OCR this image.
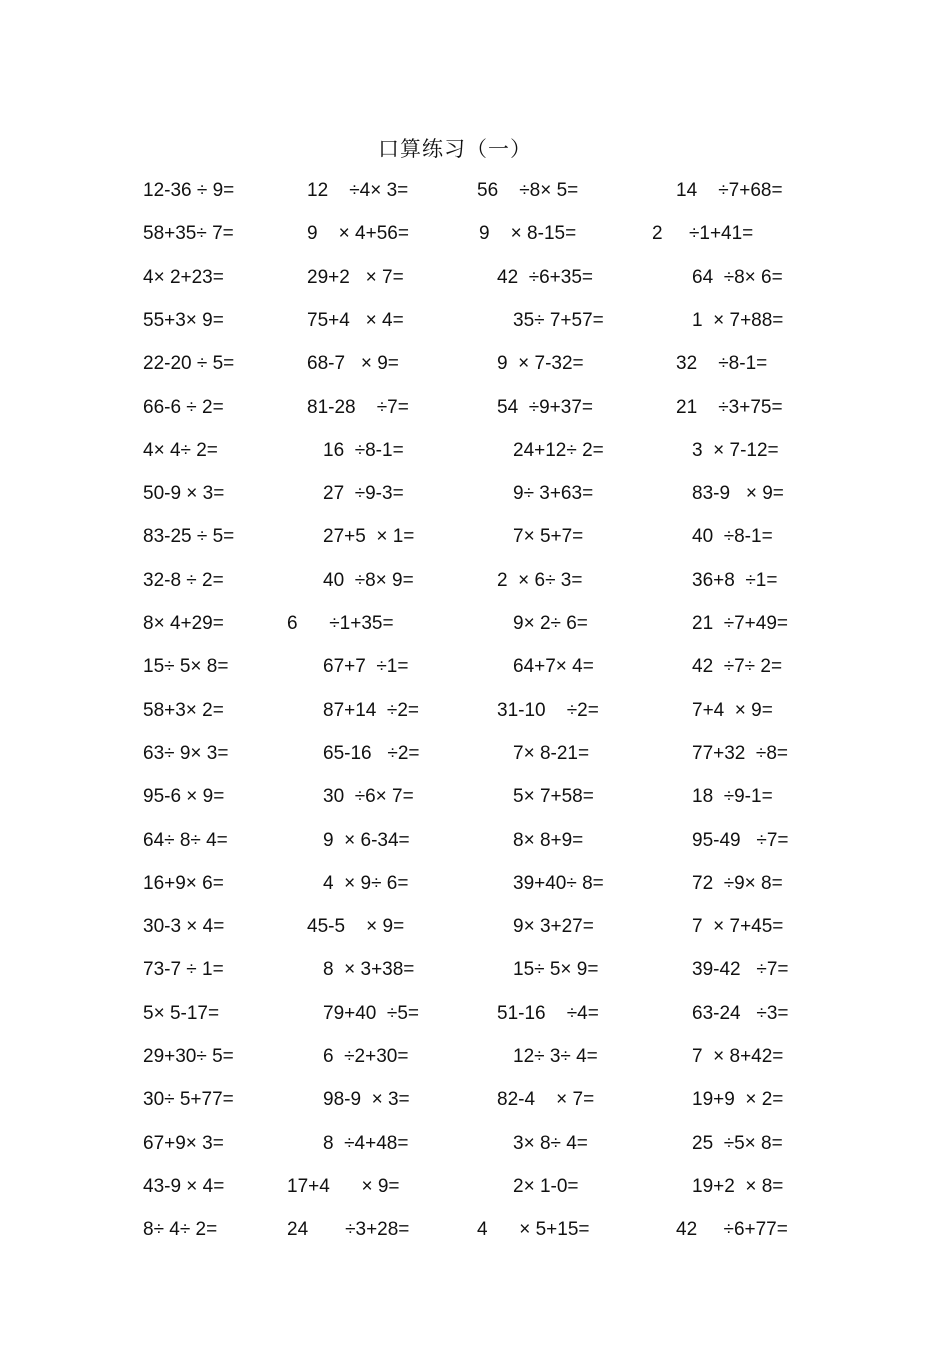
口算练习（一）
12-36 ÷ 9=	12    ÷4× 3=	56    ÷8× 5=	14    ÷7+68=
58+35÷ 7=	9    × 4+56=	9    × 8-15=	2     ÷1+41=
4× 2+23=	29+2   × 7=	42  ÷6+35=	64  ÷8× 6=
55+3× 9=	75+4   × 4=	35÷ 7+57=	1  × 7+88=
22-20 ÷ 5=	68-7   × 9=	9  × 7-32=	32    ÷8-1=
66-6 ÷ 2=	81-28    ÷7=	54  ÷9+37=	21    ÷3+75=
4× 4÷ 2=	16  ÷8-1=	24+12÷ 2=	3  × 7-12=
50-9 × 3=	27  ÷9-3=	9÷ 3+63=	83-9   × 9=
83-25 ÷ 5=	27+5  × 1=	7× 5+7=	40  ÷8-1=
32-8 ÷ 2=	40  ÷8× 9=	2  × 6÷ 3=	36+8  ÷1=
8× 4+29=	6      ÷1+35=	9× 2÷ 6=	21  ÷7+49=
15÷ 5× 8=	67+7  ÷1=	64+7× 4=	42  ÷7÷ 2=
58+3× 2=	87+14  ÷2=	31-10    ÷2=	7+4  × 9=
63÷ 9× 3=	65-16   ÷2=	7× 8-21=	77+32  ÷8=
95-6 × 9=	30  ÷6× 7=	5× 7+58=	18  ÷9-1=
64÷ 8÷ 4=	9  × 6-34=	8× 8+9=	95-49   ÷7=
16+9× 6=	4  × 9÷ 6=	39+40÷ 8=	72  ÷9× 8=
30-3 × 4=	45-5    × 9=	9× 3+27=	7  × 7+45=
73-7 ÷ 1=	8  × 3+38=	15÷ 5× 9=	39-42   ÷7=
5× 5-17=	79+40  ÷5=	51-16    ÷4=	63-24   ÷3=
29+30÷ 5=	6  ÷2+30=	12÷ 3÷ 4=	7  × 8+42=
30÷ 5+77=	98-9  × 3=	82-4    × 7=	19+9  × 2=
67+9× 3=	8  ÷4+48=	3× 8÷ 4=	25  ÷5× 8=
43-9 × 4=	17+4      × 9=	2× 1-0=	19+2  × 8=
8÷ 4÷ 2=	24       ÷3+28=	4      × 5+15=	42     ÷6+77=
